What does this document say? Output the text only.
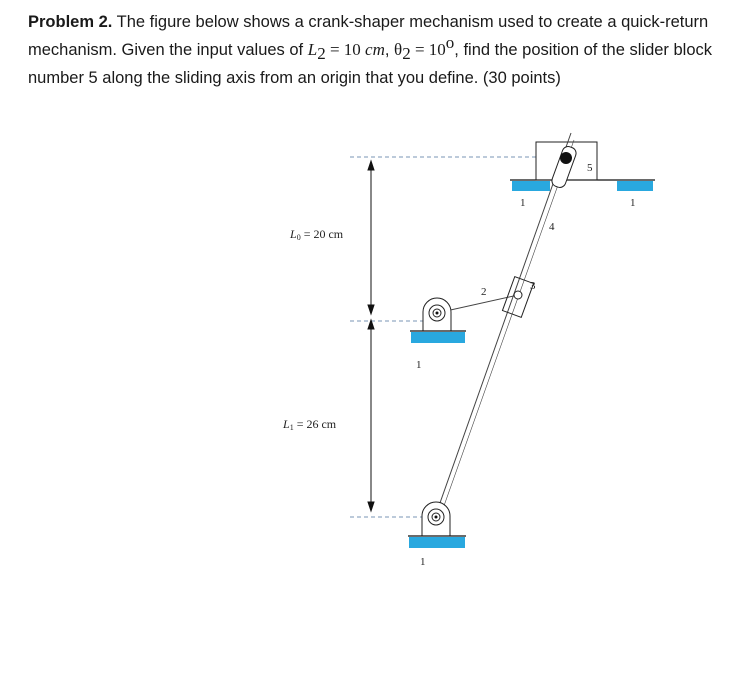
Problem 2. The figure below shows a crank-shaper mechanism used to create a quick-return mechanism. Given the input values of $L_2 = 10$ cm, $\theta_2 = 10^o$, find the position of the slider block number 5 along the sliding axis from an origin that you define. (30 points)

L0 = 20 cm
L1 = 26 cm
1	1
1
1
2	3
4
5
